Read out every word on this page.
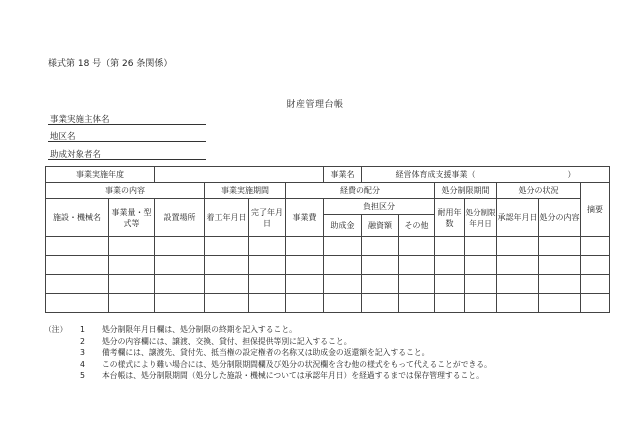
様式第 18 号（第 26 条関係）
財産管理台帳
事業実施主体名
地区名
助成対象者名
事業実施年度						事業名	経営体育成支援事業（ ）						
事業の内容			事業実施期間		経費の配分				処分制限期間		処分の状況		摘要
施設・機械名	事業量・型式等	設置場所	着工年月日	完了年月日	事業費	負担区分			耐用年数	処分制限年月日	承認年月日	処分の内容	
						助成金	融資額	その他					

（注）	1	処分制限年月日欄は、処分制限の終期を記入すること。
2	処分の内容欄には、譲渡、交換、貸付、担保提供等別に記入すること。
3	備考欄には、譲渡先、貸付先、抵当権の設定権者の名称又は助成金の返還額を記入すること。
4	この様式により難い場合には、処分制限期間欄及び処分の状況欄を含む他の様式をもって代えることができる。
5	本台帳は、処分制限期間（処分した施設・機械については承認年月日）を経過するまでは保存管理すること。
